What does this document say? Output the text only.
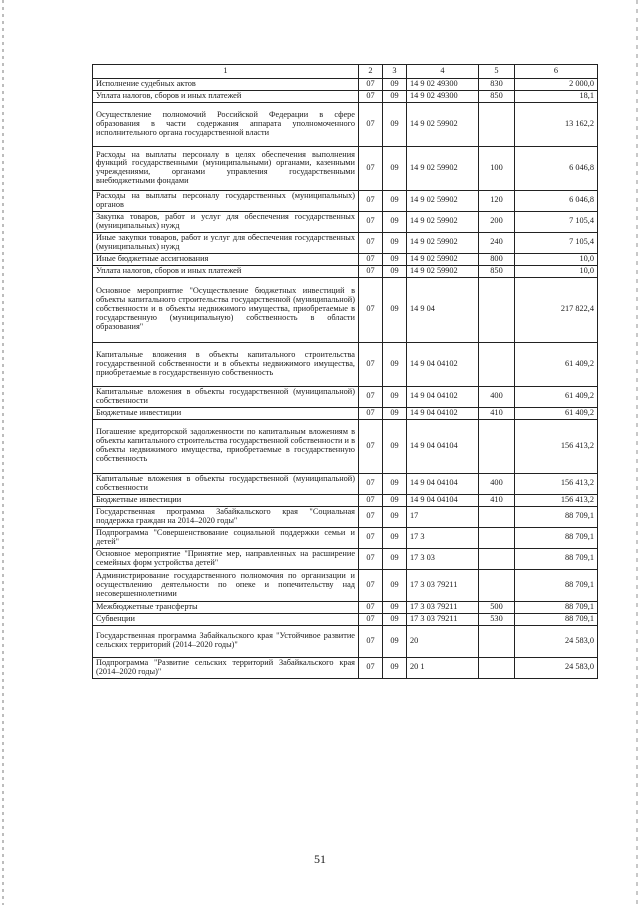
1	2	3	4	5	6
Исполнение судебных актов	07	09	14 9 02 49300	830	2 000,0
Уплата налогов, сборов и иных платежей	07	09	14 9 02 49300	850	18,1
Осуществление полномочий Российской Федерации в сфере образования в части содержания аппарата уполномоченного исполнительного органа государственной власти	07	09	14 9 02 59902		13 162,2
Расходы на выплаты персоналу в целях обеспечения выполнения функций государственными (муниципальными) органами, казенными учреждениями, органами управления государственными внебюджетными фондами	07	09	14 9 02 59902	100	6 046,8
Расходы на выплаты персоналу государственных (муниципальных) органов	07	09	14 9 02 59902	120	6 046,8
Закупка товаров, работ и услуг для обеспечения государственных (муниципальных) нужд	07	09	14 9 02 59902	200	7 105,4
Иные закупки товаров, работ и услуг для обеспечения государственных (муниципальных) нужд	07	09	14 9 02 59902	240	7 105,4
Иные бюджетные ассигнования	07	09	14 9 02 59902	800	10,0
Уплата налогов, сборов и иных платежей	07	09	14 9 02 59902	850	10,0
Основное мероприятие "Осуществление бюджетных инвестиций в объекты капитального строительства государственной (муниципальной) собственности и в объекты недвижимого имущества, приобретаемые в государственную (муниципальную) собственность в области образования"	07	09	14 9 04		217 822,4
Капитальные вложения в объекты капитального строительства государственной собственности и в объекты недвижимого имущества, приобретаемые в государственную собственность	07	09	14 9 04 04102		61 409,2
Капитальные вложения в объекты государственной (муниципальной) собственности	07	09	14 9 04 04102	400	61 409,2
Бюджетные инвестиции	07	09	14 9 04 04102	410	61 409,2
Погашение кредиторской задолженности по капитальным вложениям в объекты капитального строительства государственной собственности и в объекты недвижимого имущества, приобретаемые в государственную собственность	07	09	14 9 04 04104		156 413,2
Капитальные вложения в объекты государственной (муниципальной) собственности	07	09	14 9 04 04104	400	156 413,2
Бюджетные инвестиции	07	09	14 9 04 04104	410	156 413,2
Государственная программа Забайкальского края "Социальная поддержка граждан на 2014–2020 годы"	07	09	17		88 709,1
Подпрограмма "Совершенствование социальной поддержки семьи и детей"	07	09	17 3		88 709,1
Основное мероприятие "Принятие мер, направленных на расширение семейных форм устройства детей"	07	09	17 3 03		88 709,1
Администрирование государственного полномочия по организации и осуществлению деятельности по опеке и попечительству над несовершеннолетними	07	09	17 3 03 79211		88 709,1
Межбюджетные трансферты	07	09	17 3 03 79211	500	88 709,1
Субвенции	07	09	17 3 03 79211	530	88 709,1
Государственная программа Забайкальского края "Устойчивое развитие сельских территорий (2014–2020 годы)"	07	09	20		24 583,0
Подпрограмма "Развитие сельских территорий Забайкальского края (2014–2020 годы)"	07	09	20 1		24 583,0
51
